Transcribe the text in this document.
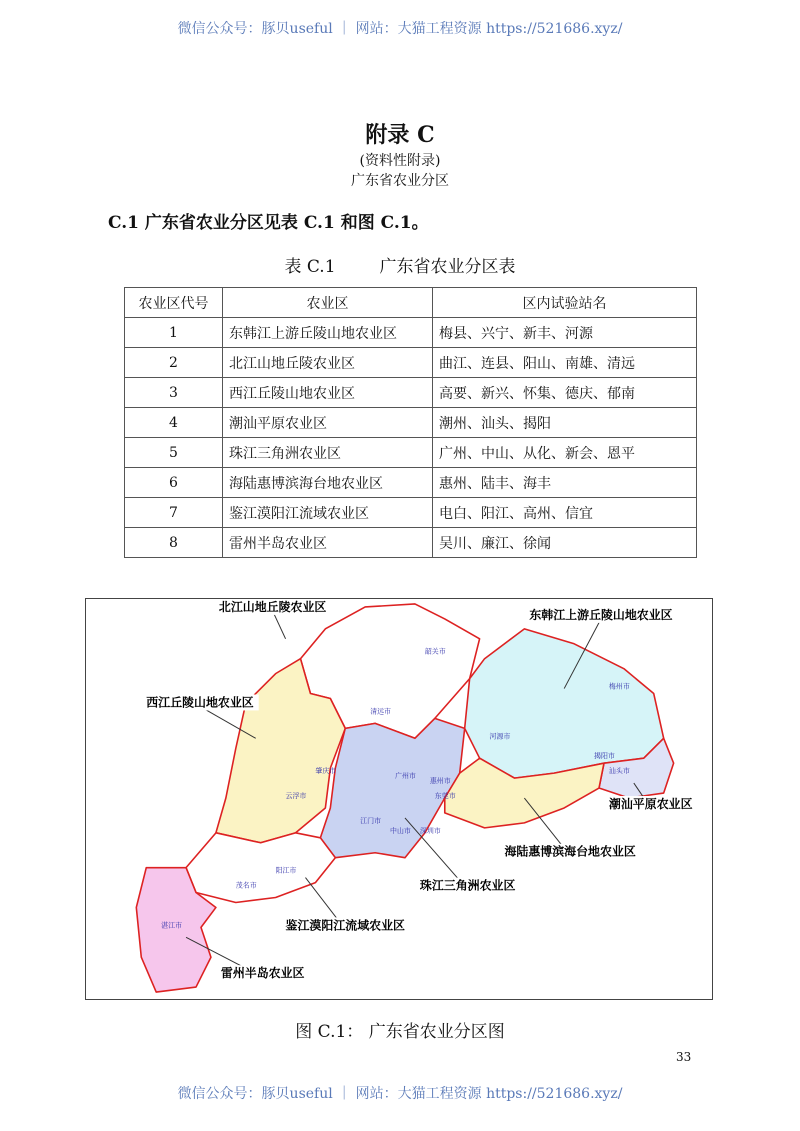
微信公众号：豚贝useful ｜ 网站：大猫工程资源 https://521686.xyz/
附录 C
(资料性附录)
广东省农业分区
C.1 广东省农业分区见表 C.1 和图 C.1。
表 C.1	广东省农业分区表
农业区代号	农业区	区内试验站名
1	东韩江上游丘陵山地农业区	梅县、兴宁、新丰、河源
2	北江山地丘陵农业区	曲江、连县、阳山、南雄、清远
3	西江丘陵山地农业区	高要、新兴、怀集、德庆、郁南
4	潮汕平原农业区	潮州、汕头、揭阳
5	珠江三角洲农业区	广州、中山、从化、新会、恩平
6	海陆惠博滨海台地农业区	惠州、陆丰、海丰
7	鉴江漠阳江流域农业区	电白、阳江、高州、信宜
8	雷州半岛农业区	吴川、廉江、徐闻
北江山地丘陵农业区
东韩江上游丘陵山地农业区
西江丘陵山地农业区
潮汕平原农业区
海陆惠博滨海台地农业区
珠江三角洲农业区
鉴江漠阳江流域农业区
雷州半岛农业区
韶关市
梅州市
河源市
清远市
肇庆市
广州市
惠州市
东莞市
深圳市
江门市
中山市
云浮市
阳江市
茂名市
湛江市
汕头市
揭阳市
图 C.1： 广东省农业分区图
33
微信公众号：豚贝useful ｜ 网站：大猫工程资源 https://521686.xyz/
